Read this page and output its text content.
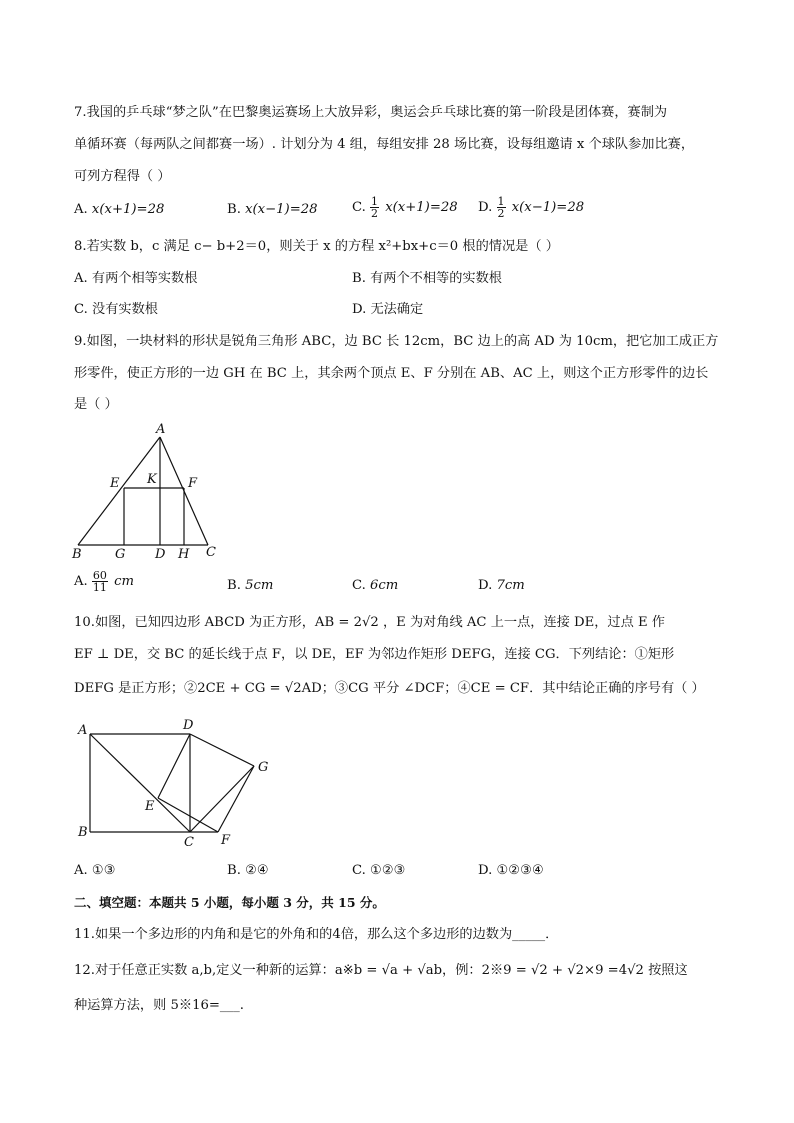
7.我国的乒乓球“梦之队”在巴黎奥运赛场上大放异彩，奥运会乒乓球比赛的第一阶段是团体赛，赛制为
单循环赛（每两队之间都赛一场）. 计划分为 4 组，每组安排 28 场比赛，设每组邀请 x 个球队参加比赛，
可列方程得（ ）
A. x(x+1)=28	B. x(x−1)=28	C. $\frac{1}{2} x(x+1)=28$ D. $\frac{1}{2} x(x-1)=28$
8.若实数 b，c 满足 c− b+2＝0，则关于 x 的方程 x²+bx+c＝0 根的情况是（ ）
A. 有两个相等实数根	B. 有两个不相等的实数根
C. 没有实数根	D. 无法确定
9.如图，一块材料的形状是锐角三角形 ABC，边 BC 长 12cm，BC 边上的高 AD 为 10cm，把它加工成正方
形零件，使正方形的一边 GH 在 BC 上，其余两个顶点 E、F 分别在 AB、AC 上，则这个正方形零件的边长
是（ ）
A
E K F
B	G D H C
A. $\frac{60}{11}$ cm	B. 5cm	C. 6cm	D. 7cm
10.如图，已知四边形 ABCD 为正方形，AB = 2√2 ，E 为对角线 AC 上一点，连接 DE，过点 E 作
EF ⊥ DE，交 BC 的延长线于点 F，以 DE，EF 为邻边作矩形 DEFG，连接 CG．下列结论：①矩形
DEFG 是正方形；②2CE + CG = √2AD；③CG 平分 ∠DCF；④CE = CF．其中结论正确的序号有（ ）
A	D
G
E
B
C F
A. ①③	B. ②④	C. ①②③	D. ①②③④
二、填空题：本题共 5 小题，每小题 3 分，共 15 分。
11.如果一个多边形的内角和是它的外角和的4倍，那么这个多边形的边数为_____．
12.对于任意正实数 a,b,定义一种新的运算：a※b = √a + √ab，例：2※9 = √2 + √2×9 =4√2 按照这
种运算方法，则 5※16=___.
